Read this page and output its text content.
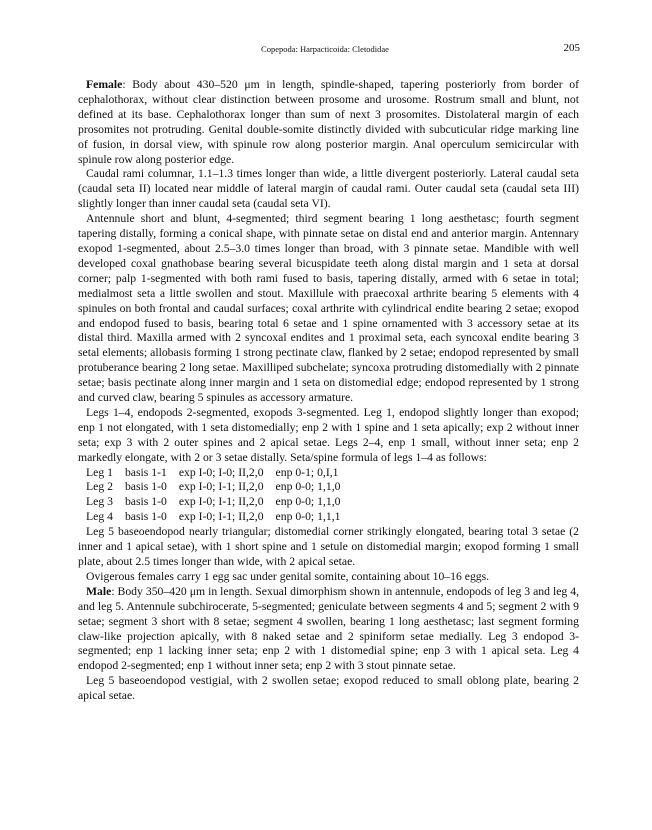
Copepoda: Harpacticoida: Cletodidae	205

Female: Body about 430–520 μm in length, spindle-shaped, tapering posteriorly from border of cephalothorax, without clear distinction between prosome and urosome. Rostrum small and blunt, not defined at its base. Cephalothorax longer than sum of next 3 prosomites. Distolateral margin of each prosomites not protruding. Genital double-somite distinctly divided with subcuticular ridge marking line of fusion, in dorsal view, with spinule row along posterior margin. Anal operculum semicircular with spinule row along posterior edge.

Caudal rami columnar, 1.1–1.3 times longer than wide, a little divergent posteriorly. Lateral caudal seta (caudal seta II) located near middle of lateral margin of caudal rami. Outer caudal seta (caudal seta III) slightly longer than inner caudal seta (caudal seta VI).

Antennule short and blunt, 4-segmented; third segment bearing 1 long aesthetasc; fourth segment tapering distally, forming a conical shape, with pinnate setae on distal end and anterior margin. Antennary exopod 1-segmented, about 2.5–3.0 times longer than broad, with 3 pinnate setae. Mandible with well developed coxal gnathobase bearing several bicuspidate teeth along distal margin and 1 seta at dorsal corner; palp 1-segmented with both rami fused to basis, tapering distally, armed with 6 setae in total; medialmost seta a little swollen and stout. Maxillule with praecoxal arthrite bearing 5 elements with 4 spinules on both frontal and caudal surfaces; coxal arthrite with cylindrical endite bearing 2 setae; exopod and endopod fused to basis, bearing total 6 setae and 1 spine ornamented with 3 accessory setae at its distal third. Maxilla armed with 2 syncoxal endites and 1 proximal seta, each syncoxal endite bearing 3 setal elements; allobasis forming 1 strong pectinate claw, flanked by 2 setae; endopod represented by small protuberance bearing 2 long setae. Maxilliped subchelate; syncoxa protruding distomedially with 2 pinnate setae; basis pectinate along inner margin and 1 seta on distomedial edge; endopod represented by 1 strong and curved claw, bearing 5 spinules as accessory armature.

Legs 1–4, endopods 2-segmented, exopods 3-segmented. Leg 1, endopod slightly longer than exopod; enp 1 not elongated, with 1 seta distomedially; enp 2 with 1 spine and 1 seta apically; exp 2 without inner seta; exp 3 with 2 outer spines and 2 apical setae. Legs 2–4, enp 1 small, without inner seta; enp 2 markedly elongate, with 2 or 3 setae distally. Seta/spine formula of legs 1–4 as follows:

Leg 1	basis 1-1	exp I-0; I-0; II,2,0	enp 0-1; 0,I,1
Leg 2	basis 1-0	exp I-0; I-1; II,2,0	enp 0-0; 1,1,0
Leg 3	basis 1-0	exp I-0; I-1; II,2,0	enp 0-0; 1,1,0
Leg 4	basis 1-0	exp I-0; I-1; II,2,0	enp 0-0; 1,1,1

Leg 5 baseoendopod nearly triangular; distomedial corner strikingly elongated, bearing total 3 setae (2 inner and 1 apical setae), with 1 short spine and 1 setule on distomedial margin; exopod forming 1 small plate, about 2.5 times longer than wide, with 2 apical setae.

Ovigerous females carry 1 egg sac under genital somite, containing about 10–16 eggs.

Male: Body 350–420 μm in length. Sexual dimorphism shown in antennule, endopods of leg 3 and leg 4, and leg 5. Antennule subchirocerate, 5-segmented; geniculate between segments 4 and 5; segment 2 with 9 setae; segment 3 short with 8 setae; segment 4 swollen, bearing 1 long aesthetasc; last segment forming claw-like projection apically, with 8 naked setae and 2 spiniform setae medially. Leg 3 endopod 3-segmented; enp 1 lacking inner seta; enp 2 with 1 distomedial spine; enp 3 with 1 apical seta. Leg 4 endopod 2-segmented; enp 1 without inner seta; enp 2 with 3 stout pinnate setae.

Leg 5 baseoendopod vestigial, with 2 swollen setae; exopod reduced to small oblong plate, bearing 2 apical setae.
